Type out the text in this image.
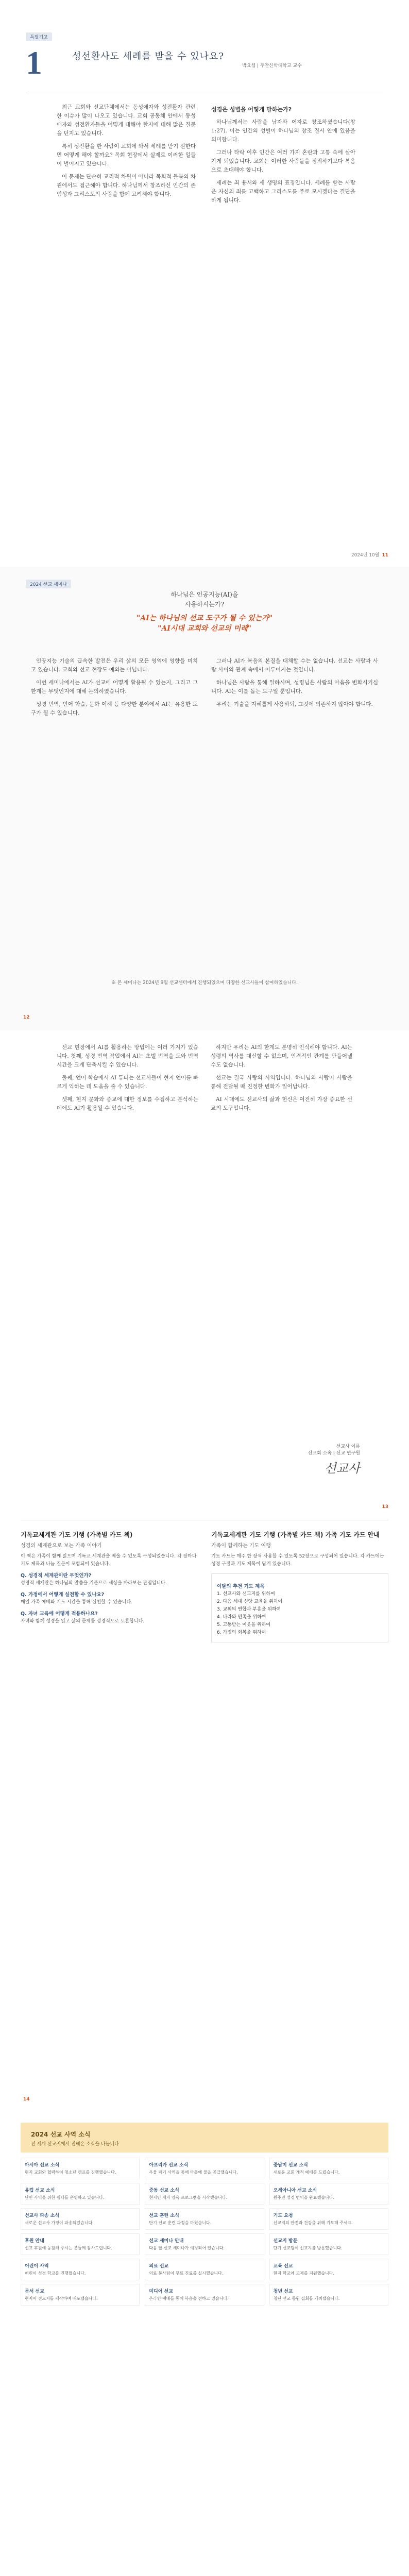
특별기고
1	성선환사도 세례를 받을 수 있나요?
박요셉 | 주안신학대학교 교수

최근 교회와 선교단체에서는 동성애자와 성전환자 관련한 이슈가 많이 나오고 있습니다. 교회 공동체 안에서 동성애자와 성전환자들을 어떻게 대해야 할지에 대해 많은 질문을 던지고 있습니다.

특히 성전환을 한 사람이 교회에 와서 세례를 받기 원한다면 어떻게 해야 할까요? 목회 현장에서 실제로 이러한 일들이 벌어지고 있습니다.

이 문제는 단순히 교리적 차원이 아니라 목회적 돌봄의 차원에서도 접근해야 합니다. 하나님께서 창조하신 인간의 존엄성과 그리스도의 사랑을 함께 고려해야 합니다.

성경은 성별을 어떻게 말하는가?

하나님께서는 사람을 남자와 여자로 창조하셨습니다(창 1:27). 이는 인간의 성별이 하나님의 창조 질서 안에 있음을 의미합니다.

그러나 타락 이후 인간은 여러 가지 혼란과 고통 속에 살아가게 되었습니다. 교회는 이러한 사람들을 정죄하기보다 복음으로 초대해야 합니다.

세례는 죄 용서와 새 생명의 표징입니다. 세례를 받는 사람은 자신의 죄를 고백하고 그리스도를 주로 모시겠다는 결단을 하게 됩니다.

2024년 10월 11
2024 선교 세미나
하나님은 인공지능(AI)을
사용하시는가?
"AI는 하나님의 선교 도구가 될 수 있는가"
"AI시대 교회와 선교의 미래"

인공지능 기술의 급속한 발전은 우리 삶의 모든 영역에 영향을 미치고 있습니다. 교회와 선교 현장도 예외는 아닙니다.

이번 세미나에서는 AI가 선교에 어떻게 활용될 수 있는지, 그리고 그 한계는 무엇인지에 대해 논의하였습니다.

성경 번역, 언어 학습, 문화 이해 등 다양한 분야에서 AI는 유용한 도구가 될 수 있습니다.

그러나 AI가 복음의 본질을 대체할 수는 없습니다. 선교는 사람과 사람 사이의 관계 속에서 이루어지는 것입니다.

하나님은 사람을 통해 일하시며, 성령님은 사람의 마음을 변화시키십니다. AI는 이를 돕는 도구일 뿐입니다.

우리는 기술을 지혜롭게 사용하되, 그것에 의존하지 않아야 합니다.

※ 본 세미나는 2024년 9월 선교센터에서 진행되었으며 다양한 선교사들이 참여하였습니다.
12

선교 현장에서 AI를 활용하는 방법에는 여러 가지가 있습니다. 첫째, 성경 번역 작업에서 AI는 초벌 번역을 도와 번역 시간을 크게 단축시킬 수 있습니다.

둘째, 언어 학습에서 AI 튜터는 선교사들이 현지 언어를 빠르게 익히는 데 도움을 줄 수 있습니다.

셋째, 현지 문화와 종교에 대한 정보를 수집하고 분석하는 데에도 AI가 활용될 수 있습니다.

하지만 우리는 AI의 한계도 분명히 인식해야 합니다. AI는 성령의 역사를 대신할 수 없으며, 인격적인 관계를 만들어낼 수도 없습니다.

선교는 결국 사랑의 사역입니다. 하나님의 사랑이 사람을 통해 전달될 때 진정한 변화가 일어납니다.

AI 시대에도 선교사의 삶과 헌신은 여전히 가장 중요한 선교의 도구입니다.

선교사 이름
선교회 소속 | 선교 연구원
선교사
13
기독교세계관 기도 기행 (가족별 카드 책)
성경의 세계관으로 보는 가족 이야기
이 책은 가족이 함께 읽으며 기독교 세계관을 배울 수 있도록 구성되었습니다. 각 장마다 기도 제목과 나눔 질문이 포함되어 있습니다.
Q. 성경적 세계관이란 무엇인가?
성경적 세계관은 하나님의 말씀을 기준으로 세상을 바라보는 관점입니다.
Q. 가정에서 어떻게 실천할 수 있나요?
매일 가족 예배와 기도 시간을 통해 실천할 수 있습니다.
Q. 자녀 교육에 어떻게 적용하나요?
자녀와 함께 성경을 읽고 삶의 문제를 성경적으로 토론합니다.
기독교세계관 기도 기행 (가족별 카드 책) 가족 기도 카드 안내
가족이 함께하는 기도 여행
기도 카드는 매주 한 장씩 사용할 수 있도록 52장으로 구성되어 있습니다. 각 카드에는 성경 구절과 기도 제목이 담겨 있습니다.
이달의 추천 기도 제목
1. 선교사와 선교지를 위하여
2. 다음 세대 신앙 교육을 위하여
3. 교회의 연합과 부흥을 위하여
4. 나라와 민족을 위하여
5. 고통받는 이웃을 위하여
6. 가정의 회복을 위하여
14
2024 선교 사역 소식
전 세계 선교지에서 전해온 소식을 나눕니다
아시아 선교 소식
현지 교회와 협력하여 청소년 캠프를 진행했습니다.
아프리카 선교 소식
우물 파기 사역을 통해 마을에 물을 공급했습니다.
중남미 선교 소식
새로운 교회 개척 예배를 드렸습니다.
유럽 선교 소식
난민 사역을 위한 쉼터를 운영하고 있습니다.
중동 선교 소식
현지인 제자 양육 프로그램을 시작했습니다.
오세아니아 선교 소식
원주민 성경 번역을 완료했습니다.
선교사 파송 소식
새로운 선교사 가정이 파송되었습니다.
선교 훈련 소식
단기 선교 훈련 과정을 마쳤습니다.
기도 요청
선교지의 안전과 건강을 위해 기도해 주세요.
후원 안내
선교 후원에 동참해 주시는 분들께 감사드립니다.
선교 세미나 안내
다음 달 선교 세미나가 예정되어 있습니다.
선교지 방문
단기 선교팀이 선교지를 방문했습니다.
어린이 사역
어린이 성경 학교를 진행했습니다.
의료 선교
의료 봉사팀이 무료 진료를 실시했습니다.
교육 선교
현지 학교에 교재를 지원했습니다.
문서 선교
현지어 전도지를 제작하여 배포했습니다.
미디어 선교
온라인 예배를 통해 복음을 전하고 있습니다.
청년 선교
청년 선교 동원 집회를 개최했습니다.
